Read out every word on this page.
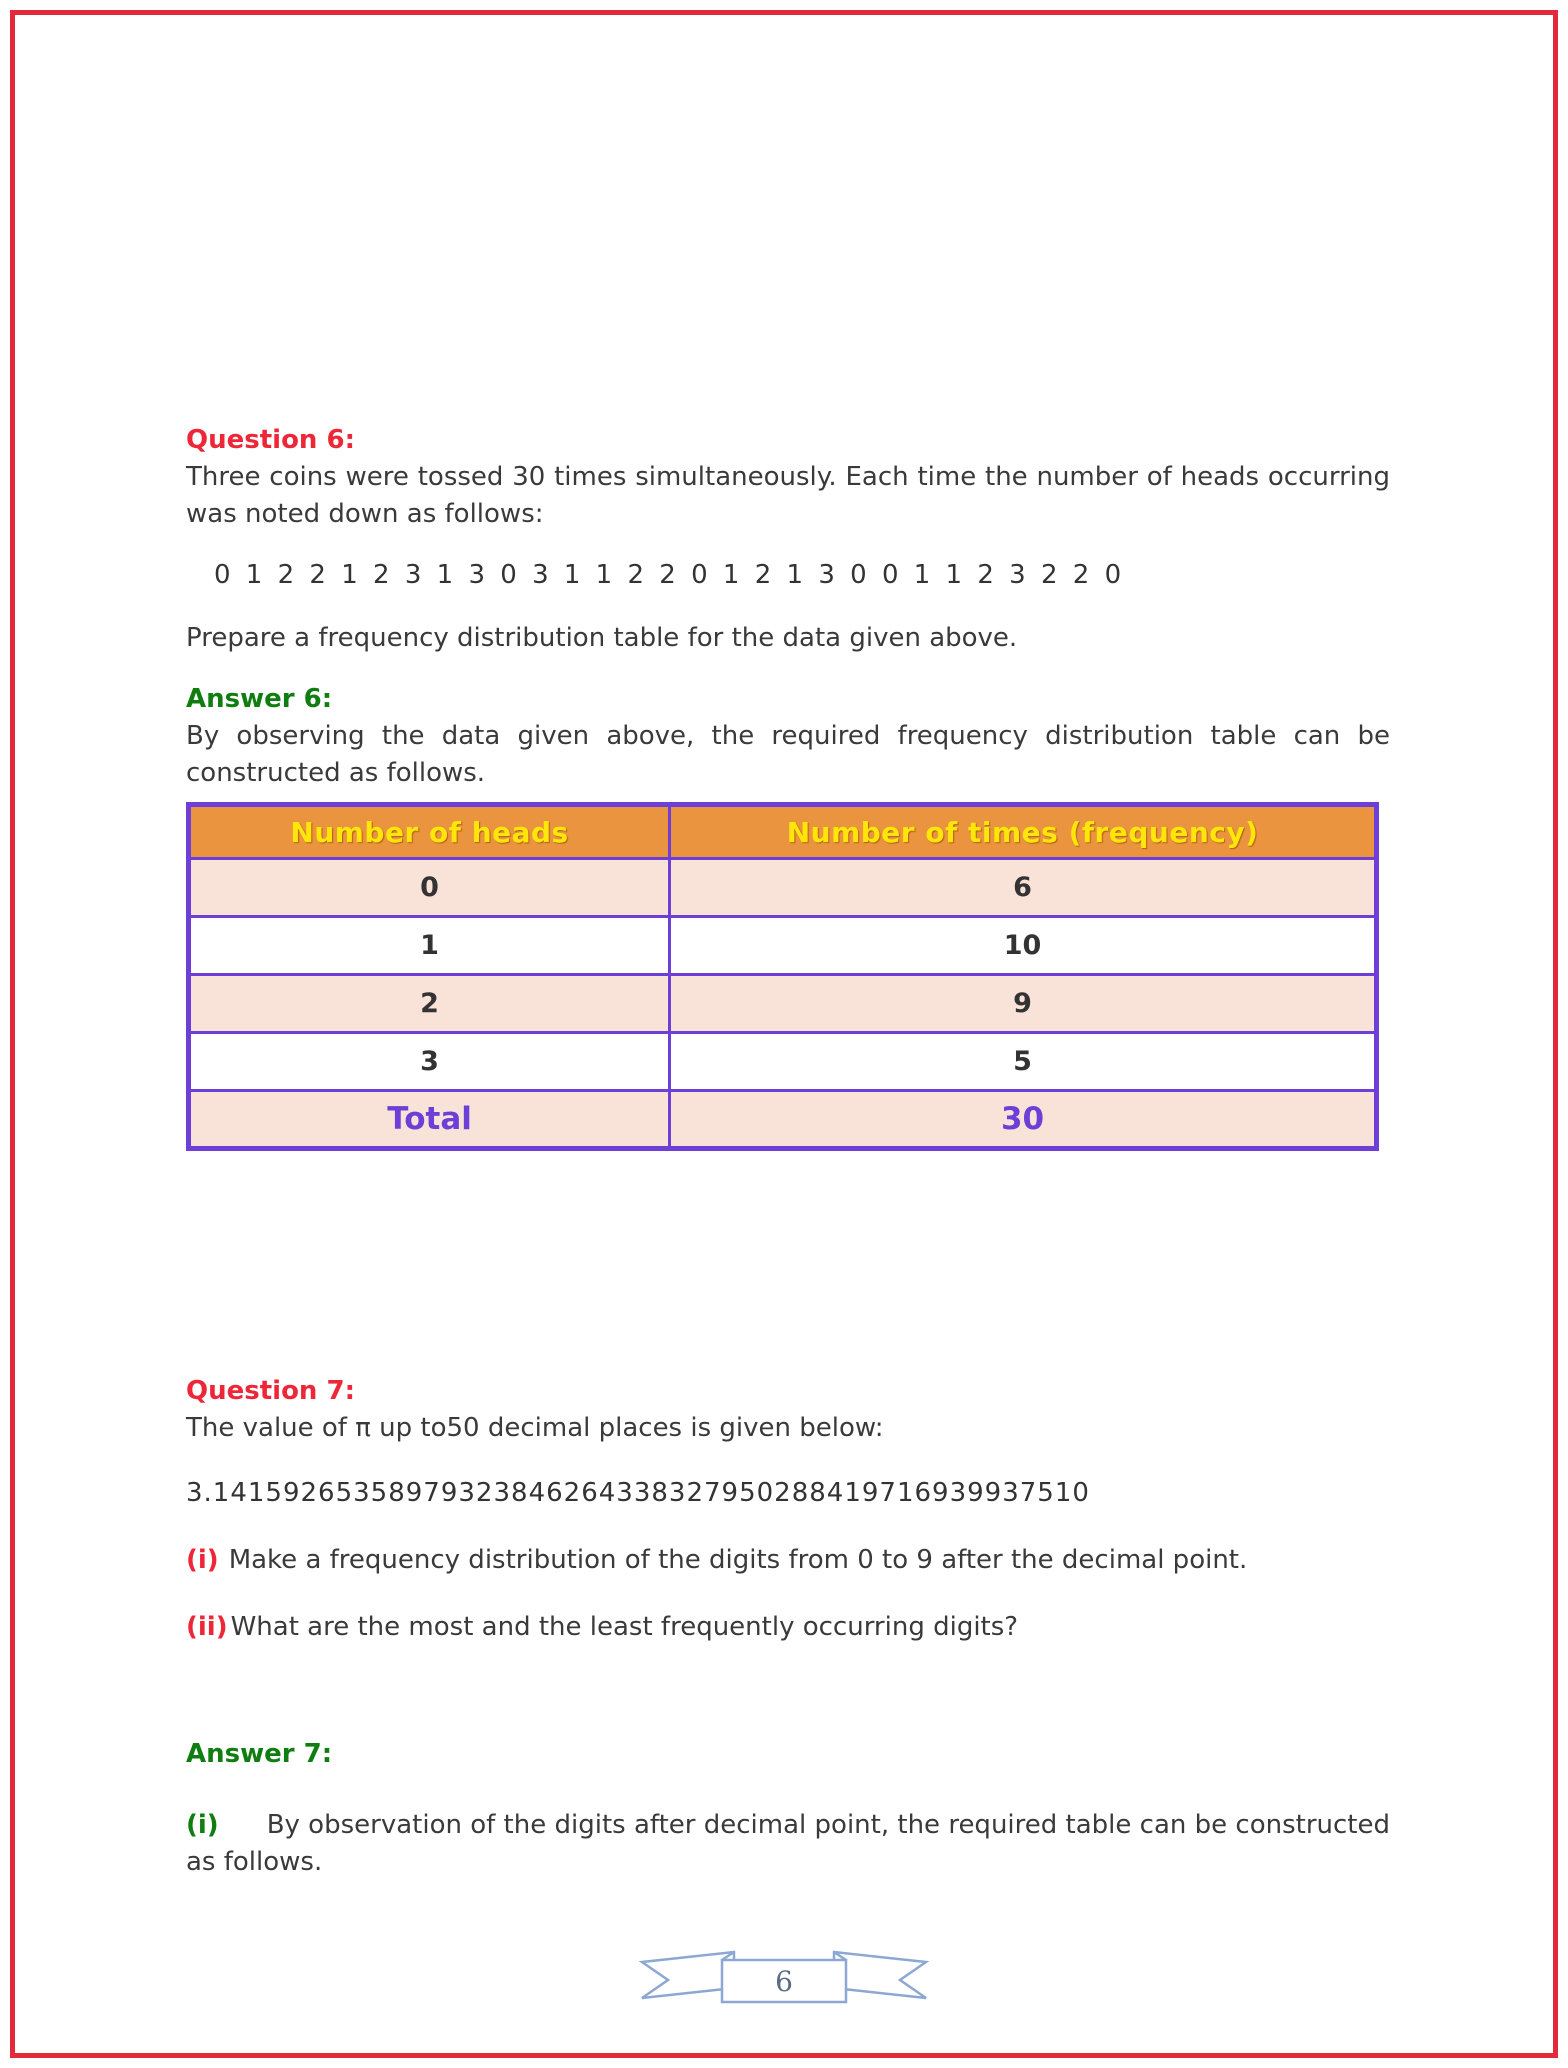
Question 6:

Three coins were tossed 30 times simultaneously. Each time the number of heads occurring was noted down as follows:

0 1 2 2 1 2 3 1 3 0 3 1 1 2 2 0 1 2 1 3 0 0 1 1 2 3 2 2 0

Prepare a frequency distribution table for the data given above.

Answer 6:

By observing the data given above, the required frequency distribution table can be constructed as follows.

Number of heads	Number of times (frequency)
0	6
1	10
2	9
3	5
Total	30
Question 7:

The value of π up to50 decimal places is given below:

3.14159265358979323846264338327950288419716939937510

(i) Make a frequency distribution of the digits from 0 to 9 after the decimal point.

(ii) What are the most and the least frequently occurring digits?

Answer 7:

(i) By observation of the digits after decimal point, the required table can be constructed as follows.

6
